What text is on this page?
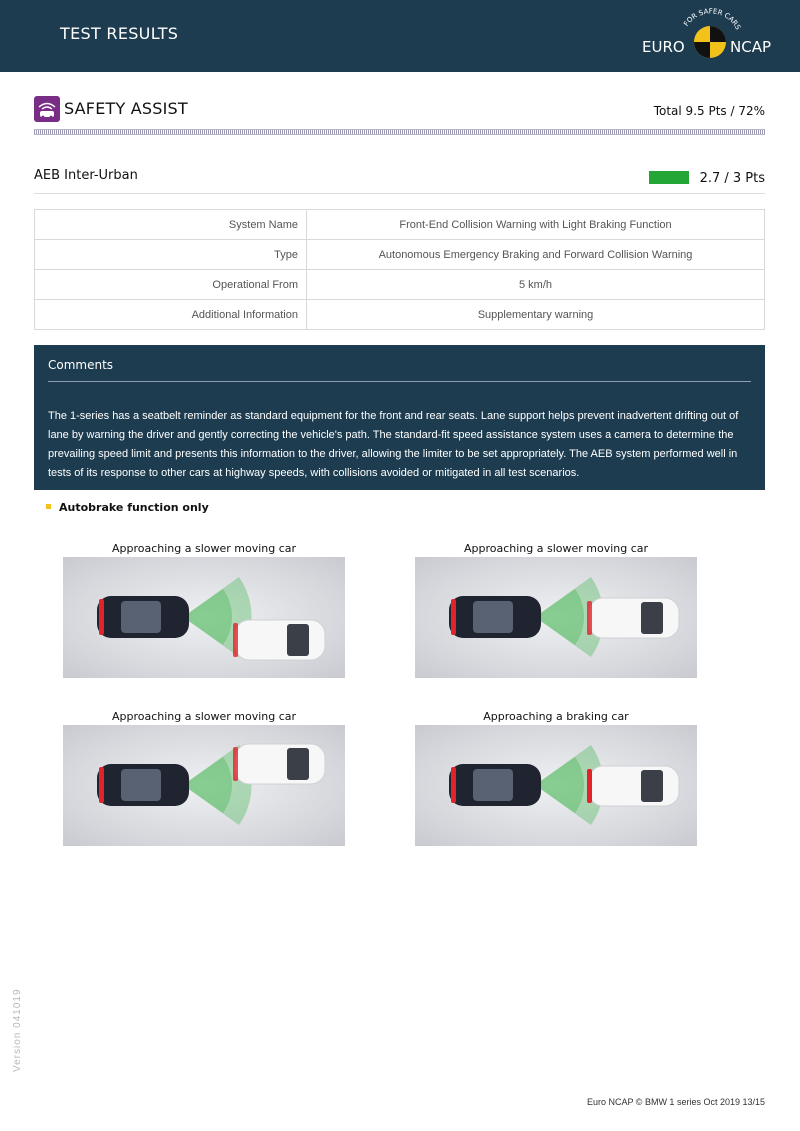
TEST RESULTS
FOR SAFER CARS
EURO	NCAP
SAFETY ASSIST	Total 9.5 Pts / 72%
AEB Inter-Urban	2.7 / 3 Pts
System Name	Front-End Collision Warning with Light Braking Function
Type	Autonomous Emergency Braking and Forward Collision Warning
Operational From	5 km/h
Additional Information	Supplementary warning
Comments
The 1-series has a seatbelt reminder as standard equipment for the front and rear seats. Lane support helps prevent inadvertent drifting out of lane by warning the driver and gently correcting the vehicle's path. The standard-fit speed assistance system uses a camera to determine the prevailing speed limit and presents this information to the driver, allowing the limiter to be set appropriately. The AEB system performed well in tests of its response to other cars at highway speeds, with collisions avoided or mitigated in all test scenarios.
Autobrake function only
Approaching a slower moving car	Approaching a slower moving car
Approaching a slower moving car	Approaching a braking car
Version 041019
Euro NCAP © BMW 1 series Oct 2019 13/15
